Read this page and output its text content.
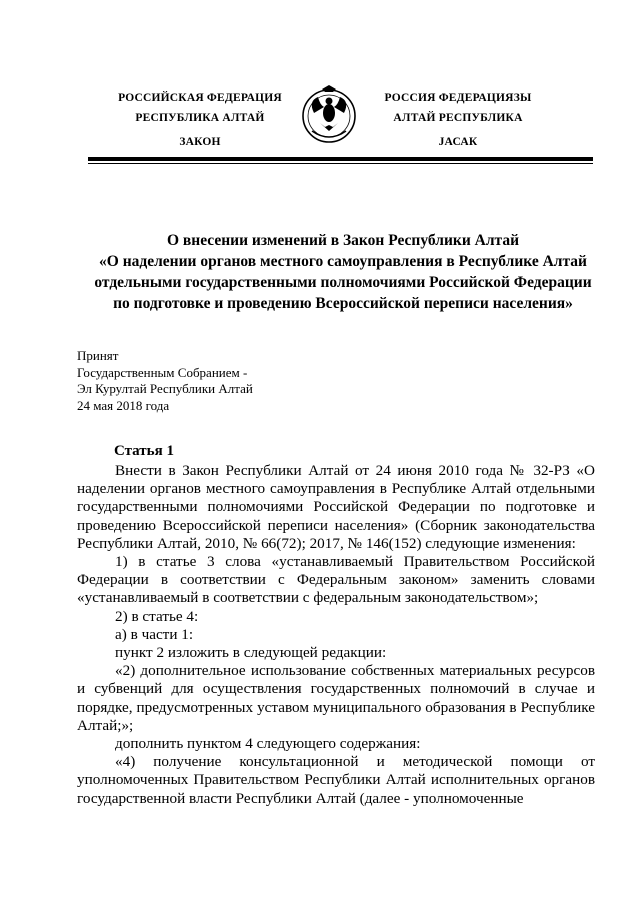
РОССИЙСКАЯ ФЕДЕРАЦИЯ
РЕСПУБЛИКА АЛТАЙ
ЗАКОН
РОССИЯ ФЕДЕРАЦИЯЗЫ
АЛТАЙ РЕСПУБЛИКА
JАСАК
О внесении изменений в Закон Республики Алтай
«О наделении органов местного самоуправления в Республике Алтай
отдельными государственными полномочиями Российской Федерации
по подготовке и проведению Всероссийской переписи населения»
Принят
Государственным Собранием -
Эл Курултай Республики Алтай
24 мая 2018 года
Статья 1

Внести в Закон Республики Алтай от 24 июня 2010 года № 32-РЗ «О наделении органов местного самоуправления в Республике Алтай отдельными государственными полномочиями Российской Федерации по подготовке и проведению Всероссийской переписи населения» (Сборник законодательства Республики Алтай, 2010, № 66(72); 2017, № 146(152) следующие изменения:

1) в статье 3 слова «устанавливаемый Правительством Российской Федерации в соответствии с Федеральным законом» заменить словами «устанавливаемый в соответствии с федеральным законодательством»;

2) в статье 4:

а) в части 1:

пункт 2 изложить в следующей редакции:

«2) дополнительное использование собственных материальных ресурсов и субвенций для осуществления государственных полномочий в случае и порядке, предусмотренных уставом муниципального образования в Республике Алтай;»;

дополнить пунктом 4 следующего содержания:

«4) получение консультационной и методической помощи от уполномоченных Правительством Республики Алтай исполнительных органов государственной власти Республики Алтай (далее - уполномоченные
